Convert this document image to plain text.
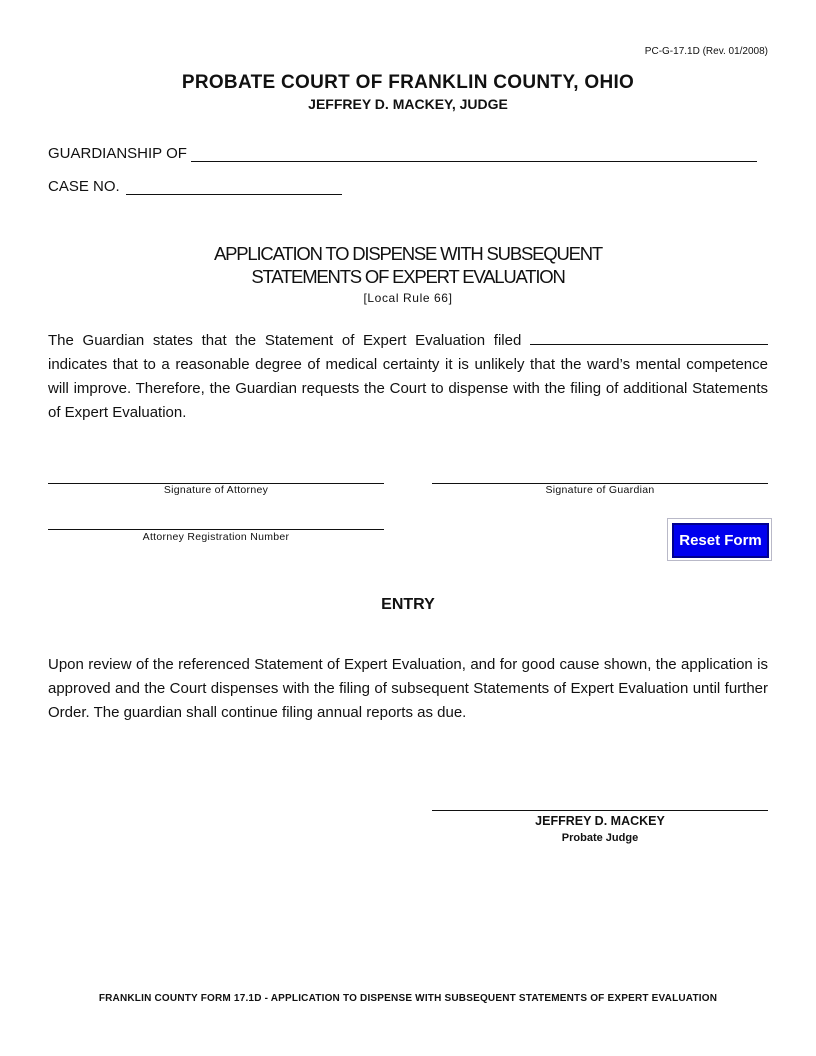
PC-G-17.1D (Rev. 01/2008)
PROBATE COURT OF FRANKLIN COUNTY, OHIO
JEFFREY D. MACKEY, JUDGE
GUARDIANSHIP OF
CASE NO.
APPLICATION TO DISPENSE WITH SUBSEQUENT
STATEMENTS OF EXPERT EVALUATION
[Local Rule 66]
The Guardian states that the Statement of Expert Evaluation filed  indicates that to a reasonable degree of medical certainty it is unlikely that the ward’s mental competence will improve. Therefore, the Guardian requests the Court to dispense with the filing of additional Statements of Expert Evaluation.
Signature of Attorney	Signature of Guardian
Attorney Registration Number	Reset Form
ENTRY
Upon review of the referenced Statement of Expert Evaluation, and for good cause shown, the application is approved and the Court dispenses with the filing of subsequent Statements of Expert Evaluation until further Order. The guardian shall continue filing annual reports as due.
JEFFREY D. MACKEY
Probate Judge
FRANKLIN COUNTY FORM 17.1D - APPLICATION TO DISPENSE WITH SUBSEQUENT STATEMENTS OF EXPERT EVALUATION
